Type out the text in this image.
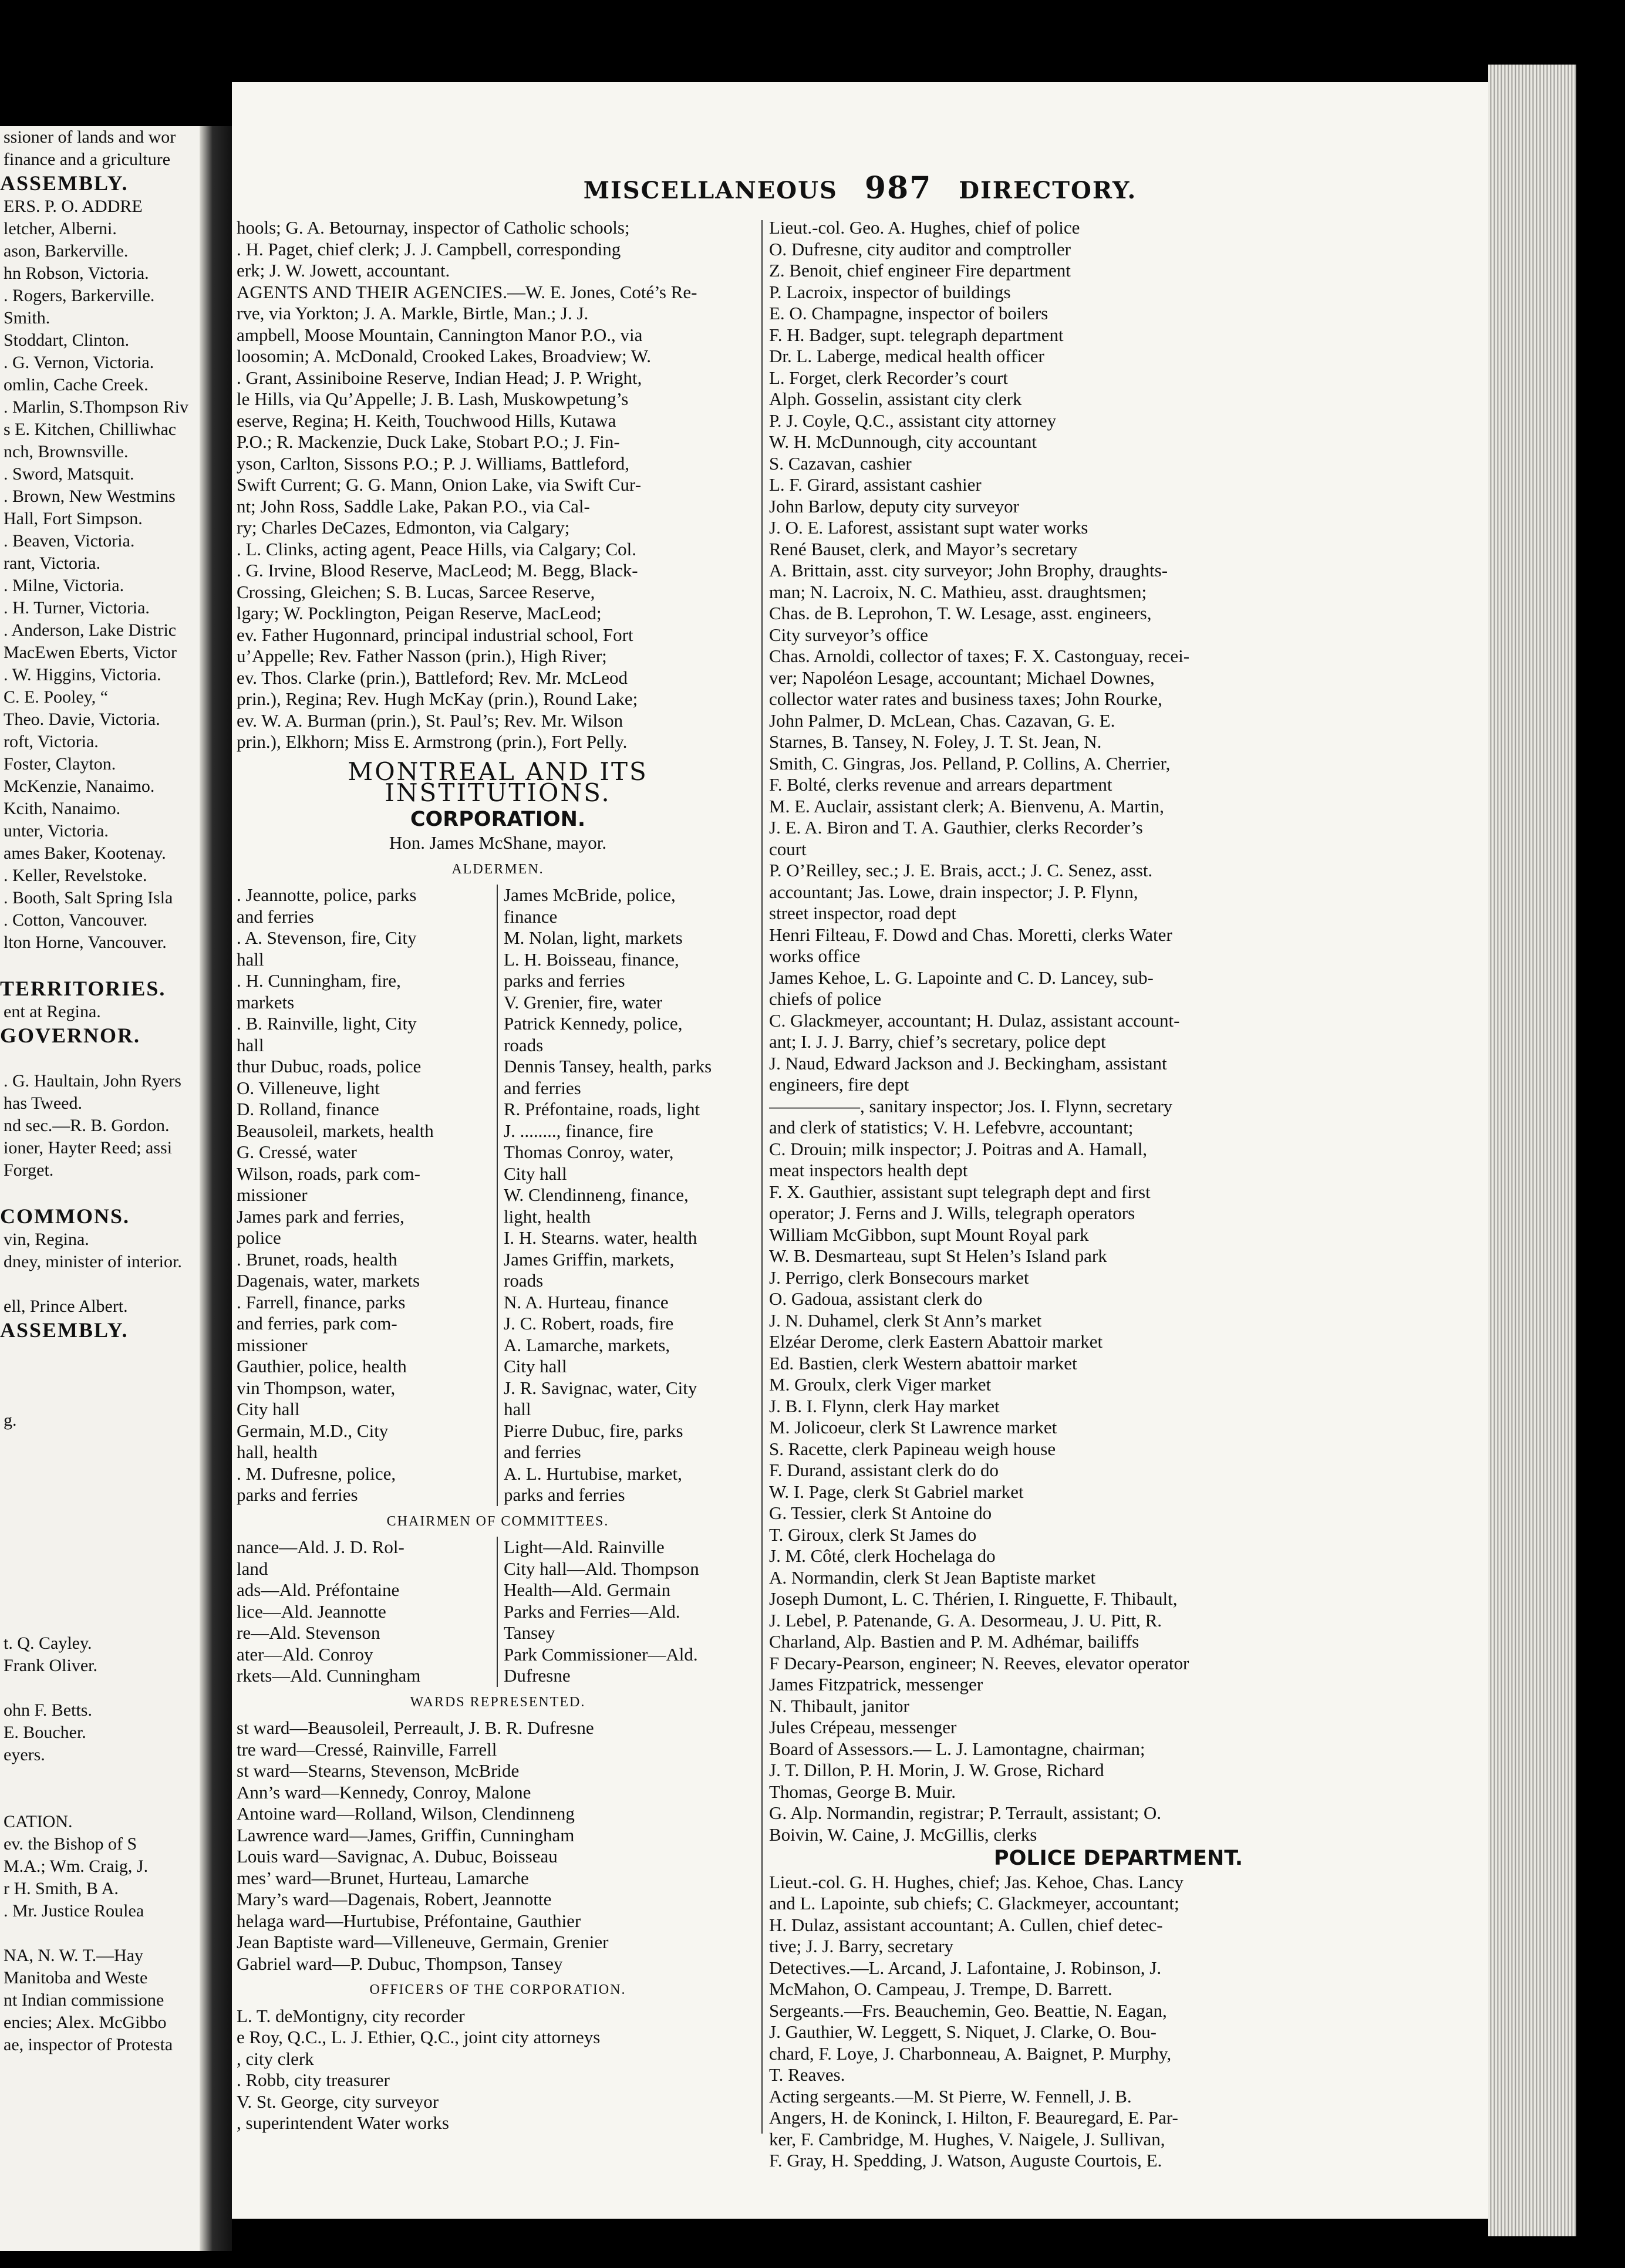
ssioner of lands and wor
finance and a griculture
ASSEMBLY.
ERS. P. O. ADDRE
letcher, Alberni.
ason, Barkerville.
hn Robson, Victoria.
. Rogers, Barkerville.
Smith.
Stoddart, Clinton.
. G. Vernon, Victoria.
omlin, Cache Creek.
. Marlin, S.Thompson Riv
s E. Kitchen, Chilliwhac
nch, Brownsville.
. Sword, Matsquit.
. Brown, New Westmins
Hall, Fort Simpson.
. Beaven, Victoria.
rant, Victoria.
. Milne, Victoria.
. H. Turner, Victoria.
. Anderson, Lake Distric
MacEwen Eberts, Victor
. W. Higgins, Victoria.
C. E. Pooley, “
Theo. Davie, Victoria.
roft, Victoria.
Foster, Clayton.
McKenzie, Nanaimo.
Kcith, Nanaimo.
unter, Victoria.
ames Baker, Kootenay.
. Keller, Revelstoke.
. Booth, Salt Spring Isla
. Cotton, Vancouver.
lton Horne, Vancouver.
TERRITORIES.
ent at Regina.
GOVERNOR.
. G. Haultain, John Ryers
has Tweed.
nd sec.—R. B. Gordon.
ioner, Hayter Reed; assi
Forget.
COMMONS.
vin, Regina.
dney, minister of interior.
ell, Prince Albert.
ASSEMBLY.
g.
t. Q. Cayley.
Frank Oliver.
ohn F. Betts.
E. Boucher.
eyers.
CATION.
ev. the Bishop of S
M.A.; Wm. Craig, J.
r H. Smith, B A.
. Mr. Justice Roulea
NA, N. W. T.—Hay
Manitoba and Weste
nt Indian commissione
encies; Alex. McGibbo
ae, inspector of Protesta
MISCELLANEOUS 987 DIRECTORY.
hools; G. A. Betournay, inspector of Catholic schools;
. H. Paget, chief clerk; J. J. Campbell, corresponding
erk; J. W. Jowett, accountant.
AGENTS AND THEIR AGENCIES.—W. E. Jones, Coté’s Re-
rve, via Yorkton; J. A. Markle, Birtle, Man.; J. J.
ampbell, Moose Mountain, Cannington Manor P.O., via
loosomin; A. McDonald, Crooked Lakes, Broadview; W.
. Grant, Assiniboine Reserve, Indian Head; J. P. Wright,
le Hills, via Qu’Appelle; J. B. Lash, Muskowpetung’s
eserve, Regina; H. Keith, Touchwood Hills, Kutawa
P.O.; R. Mackenzie, Duck Lake, Stobart P.O.; J. Fin-
yson, Carlton, Sissons P.O.; P. J. Williams, Battleford,
Swift Current; G. G. Mann, Onion Lake, via Swift Cur-
nt; John Ross, Saddle Lake, Pakan P.O., via Cal-
ry; Charles DeCazes, Edmonton, via Calgary;
. L. Clinks, acting agent, Peace Hills, via Calgary; Col.
. G. Irvine, Blood Reserve, MacLeod; M. Begg, Black-
Crossing, Gleichen; S. B. Lucas, Sarcee Reserve,
lgary; W. Pocklington, Peigan Reserve, MacLeod;
ev. Father Hugonnard, principal industrial school, Fort
u’Appelle; Rev. Father Nasson (prin.), High River;
ev. Thos. Clarke (prin.), Battleford; Rev. Mr. McLeod
prin.), Regina; Rev. Hugh McKay (prin.), Round Lake;
ev. W. A. Burman (prin.), St. Paul’s; Rev. Mr. Wilson
prin.), Elkhorn; Miss E. Armstrong (prin.), Fort Pelly.
MONTREAL AND ITS INSTITUTIONS.
CORPORATION.
Hon. James McShane, mayor.
ALDERMEN.
. Jeannotte, police, parks
and ferries
. A. Stevenson, fire, City
hall
. H. Cunningham, fire,
markets
. B. Rainville, light, City
hall
thur Dubuc, roads, police
O. Villeneuve, light
D. Rolland, finance
Beausoleil, markets, health
G. Cressé, water
Wilson, roads, park com-
missioner
James park and ferries,
police
. Brunet, roads, health
Dagenais, water, markets
. Farrell, finance, parks
and ferries, park com-
missioner
Gauthier, police, health
vin Thompson, water,
City hall
Germain, M.D., City
hall, health
. M. Dufresne, police,
parks and ferries
James McBride, police,
finance
M. Nolan, light, markets
L. H. Boisseau, finance,
parks and ferries
V. Grenier, fire, water
Patrick Kennedy, police,
roads
Dennis Tansey, health, parks
and ferries
R. Préfontaine, roads, light
J. ........, finance, fire
Thomas Conroy, water,
City hall
W. Clendinneng, finance,
light, health
I. H. Stearns. water, health
James Griffin, markets,
roads
N. A. Hurteau, finance
J. C. Robert, roads, fire
A. Lamarche, markets,
City hall
J. R. Savignac, water, City
hall
Pierre Dubuc, fire, parks
and ferries
A. L. Hurtubise, market,
parks and ferries
CHAIRMEN OF COMMITTEES.
nance—Ald. J. D. Rol-
land
ads—Ald. Préfontaine
lice—Ald. Jeannotte
re—Ald. Stevenson
ater—Ald. Conroy
rkets—Ald. Cunningham
Light—Ald. Rainville
City hall—Ald. Thompson
Health—Ald. Germain
Parks and Ferries—Ald.
Tansey
Park Commissioner—Ald.
Dufresne
WARDS REPRESENTED.
st ward—Beausoleil, Perreault, J. B. R. Dufresne
tre ward—Cressé, Rainville, Farrell
st ward—Stearns, Stevenson, McBride
Ann’s ward—Kennedy, Conroy, Malone
Antoine ward—Rolland, Wilson, Clendinneng
Lawrence ward—James, Griffin, Cunningham
Louis ward—Savignac, A. Dubuc, Boisseau
mes’ ward—Brunet, Hurteau, Lamarche
Mary’s ward—Dagenais, Robert, Jeannotte
helaga ward—Hurtubise, Préfontaine, Gauthier
Jean Baptiste ward—Villeneuve, Germain, Grenier
Gabriel ward—P. Dubuc, Thompson, Tansey
OFFICERS OF THE CORPORATION.
L. T. deMontigny, city recorder
e Roy, Q.C., L. J. Ethier, Q.C., joint city attorneys
, city clerk
. Robb, city treasurer
V. St. George, city surveyor
, superintendent Water works
Lieut.-col. Geo. A. Hughes, chief of police
O. Dufresne, city auditor and comptroller
Z. Benoit, chief engineer Fire department
P. Lacroix, inspector of buildings
E. O. Champagne, inspector of boilers
F. H. Badger, supt. telegraph department
Dr. L. Laberge, medical health officer
L. Forget, clerk Recorder’s court
Alph. Gosselin, assistant city clerk
P. J. Coyle, Q.C., assistant city attorney
W. H. McDunnough, city accountant
S. Cazavan, cashier
L. F. Girard, assistant cashier
John Barlow, deputy city surveyor
J. O. E. Laforest, assistant supt water works
René Bauset, clerk, and Mayor’s secretary
A. Brittain, asst. city surveyor; John Brophy, draughts-
man; N. Lacroix, N. C. Mathieu, asst. draughtsmen;
Chas. de B. Leprohon, T. W. Lesage, asst. engineers,
City surveyor’s office
Chas. Arnoldi, collector of taxes; F. X. Castonguay, recei-
ver; Napoléon Lesage, accountant; Michael Downes,
collector water rates and business taxes; John Rourke,
John Palmer, D. McLean, Chas. Cazavan, G. E.
Starnes, B. Tansey, N. Foley, J. T. St. Jean, N.
Smith, C. Gingras, Jos. Pelland, P. Collins, A. Cherrier,
F. Bolté, clerks revenue and arrears department
M. E. Auclair, assistant clerk; A. Bienvenu, A. Martin,
J. E. A. Biron and T. A. Gauthier, clerks Recorder’s
court
P. O’Reilley, sec.; J. E. Brais, acct.; J. C. Senez, asst.
accountant; Jas. Lowe, drain inspector; J. P. Flynn,
street inspector, road dept
Henri Filteau, F. Dowd and Chas. Moretti, clerks Water
works office
James Kehoe, L. G. Lapointe and C. D. Lancey, sub-
chiefs of police
C. Glackmeyer, accountant; H. Dulaz, assistant account-
ant; I. J. J. Barry, chief’s secretary, police dept
J. Naud, Edward Jackson and J. Beckingham, assistant
engineers, fire dept
—————, sanitary inspector; Jos. I. Flynn, secretary
and clerk of statistics; V. H. Lefebvre, accountant;
C. Drouin; milk inspector; J. Poitras and A. Hamall,
meat inspectors health dept
F. X. Gauthier, assistant supt telegraph dept and first
operator; J. Ferns and J. Wills, telegraph operators
William McGibbon, supt Mount Royal park
W. B. Desmarteau, supt St Helen’s Island park
J. Perrigo, clerk Bonsecours market
O. Gadoua, assistant clerk do
J. N. Duhamel, clerk St Ann’s market
Elzéar Derome, clerk Eastern Abattoir market
Ed. Bastien, clerk Western abattoir market
M. Groulx, clerk Viger market
J. B. I. Flynn, clerk Hay market
M. Jolicoeur, clerk St Lawrence market
S. Racette, clerk Papineau weigh house
F. Durand, assistant clerk do do
W. I. Page, clerk St Gabriel market
G. Tessier, clerk St Antoine do
T. Giroux, clerk St James do
J. M. Côté, clerk Hochelaga do
A. Normandin, clerk St Jean Baptiste market
Joseph Dumont, L. C. Thérien, I. Ringuette, F. Thibault,
J. Lebel, P. Patenande, G. A. Desormeau, J. U. Pitt, R.
Charland, Alp. Bastien and P. M. Adhémar, bailiffs
F Decary-Pearson, engineer; N. Reeves, elevator operator
James Fitzpatrick, messenger
N. Thibault, janitor
Jules Crépeau, messenger
Board of Assessors.— L. J. Lamontagne, chairman;
J. T. Dillon, P. H. Morin, J. W. Grose, Richard
Thomas, George B. Muir.
G. Alp. Normandin, registrar; P. Terrault, assistant; O.
Boivin, W. Caine, J. McGillis, clerks
POLICE DEPARTMENT.
Lieut.-col. G. H. Hughes, chief; Jas. Kehoe, Chas. Lancy
and L. Lapointe, sub chiefs; C. Glackmeyer, accountant;
H. Dulaz, assistant accountant; A. Cullen, chief detec-
tive; J. J. Barry, secretary
Detectives.—L. Arcand, J. Lafontaine, J. Robinson, J.
McMahon, O. Campeau, J. Trempe, D. Barrett.
Sergeants.—Frs. Beauchemin, Geo. Beattie, N. Eagan,
J. Gauthier, W. Leggett, S. Niquet, J. Clarke, O. Bou-
chard, F. Loye, J. Charbonneau, A. Baignet, P. Murphy,
T. Reaves.
Acting sergeants.—M. St Pierre, W. Fennell, J. B.
Angers, H. de Koninck, I. Hilton, F. Beauregard, E. Par-
ker, F. Cambridge, M. Hughes, V. Naigele, J. Sullivan,
F. Gray, H. Spedding, J. Watson, Auguste Courtois, E.
